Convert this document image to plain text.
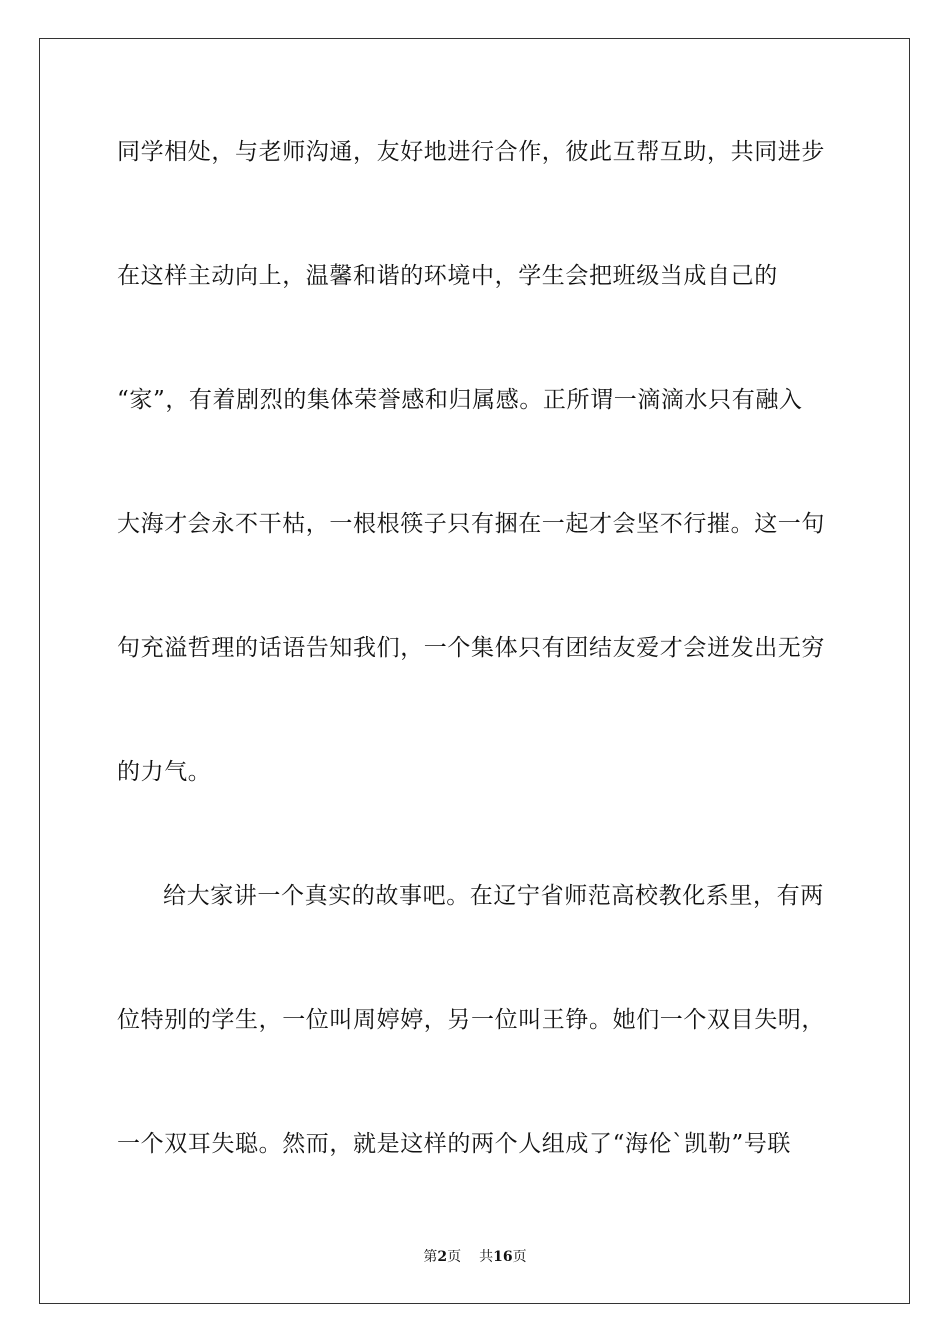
同学相处，与老师沟通，友好地进行合作，彼此互帮互助，共同进步
在这样主动向上，温馨和谐的环境中，学生会把班级当成自己的
“家”，有着剧烈的集体荣誉感和归属感。正所谓一滴滴水只有融入
大海才会永不干枯，一根根筷子只有捆在一起才会坚不行摧。这一句
句充溢哲理的话语告知我们，一个集体只有团结友爱才会迸发出无穷
的力气。
给大家讲一个真实的故事吧。在辽宁省师范高校教化系里，有两
位特别的学生，一位叫周婷婷，另一位叫王铮。她们一个双目失明，
一个双耳失聪。然而，就是这样的两个人组成了“海伦`凯勒”号联
第2页 共16页
